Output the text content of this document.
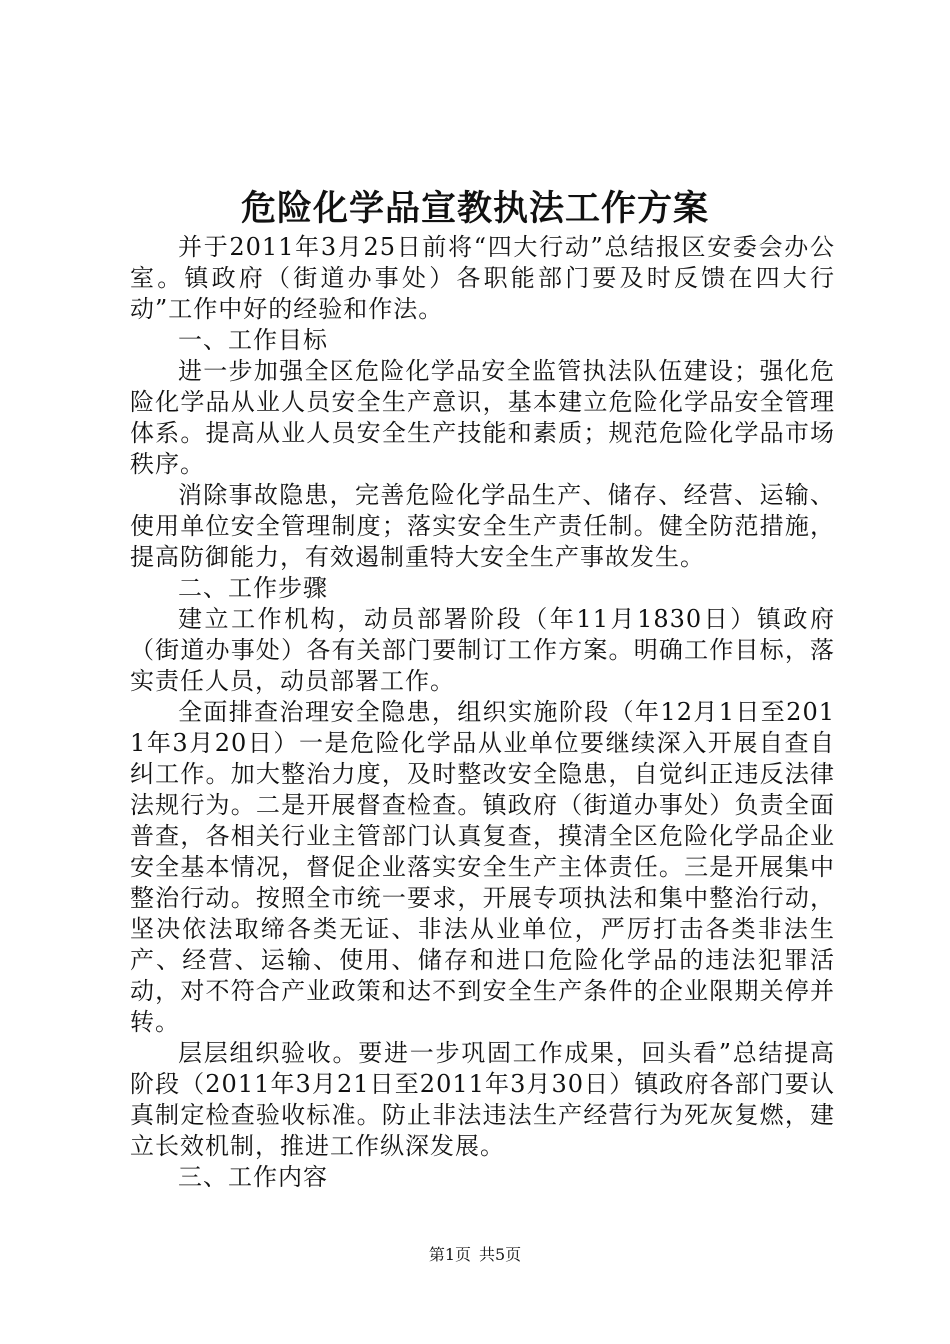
危险化学品宣教执法工作方案

并于2011年3月25日前将“四大行动”总结报区安委会办公室。镇政府（街道办事处）各职能部门要及时反馈在四大行动”工作中好的经验和作法。

一、工作目标

进一步加强全区危险化学品安全监管执法队伍建设；强化危险化学品从业人员安全生产意识，基本建立危险化学品安全管理体系。提高从业人员安全生产技能和素质；规范危险化学品市场秩序。

消除事故隐患，完善危险化学品生产、储存、经营、运输、使用单位安全管理制度；落实安全生产责任制。健全防范措施，提高防御能力，有效遏制重特大安全生产事故发生。

二、工作步骤

建立工作机构，动员部署阶段（年11月1830日）镇政府（街道办事处）各有关部门要制订工作方案。明确工作目标，落实责任人员，动员部署工作。

全面排查治理安全隐患，组织实施阶段（年12月1日至2011年3月20日）一是危险化学品从业单位要继续深入开展自查自纠工作。加大整治力度，及时整改安全隐患，自觉纠正违反法律法规行为。二是开展督查检查。镇政府（街道办事处）负责全面普查，各相关行业主管部门认真复查，摸清全区危险化学品企业安全基本情况，督促企业落实安全生产主体责任。三是开展集中整治行动。按照全市统一要求，开展专项执法和集中整治行动，坚决依法取缔各类无证、非法从业单位，严厉打击各类非法生产、经营、运输、使用、储存和进口危险化学品的违法犯罪活动，对不符合产业政策和达不到安全生产条件的企业限期关停并转。

层层组织验收。要进一步巩固工作成果，回头看”总结提高阶段（2011年3月21日至2011年3月30日）镇政府各部门要认真制定检查验收标准。防止非法违法生产经营行为死灰复燃，建立长效机制，推进工作纵深发展。

三、工作内容

第1页 共5页
